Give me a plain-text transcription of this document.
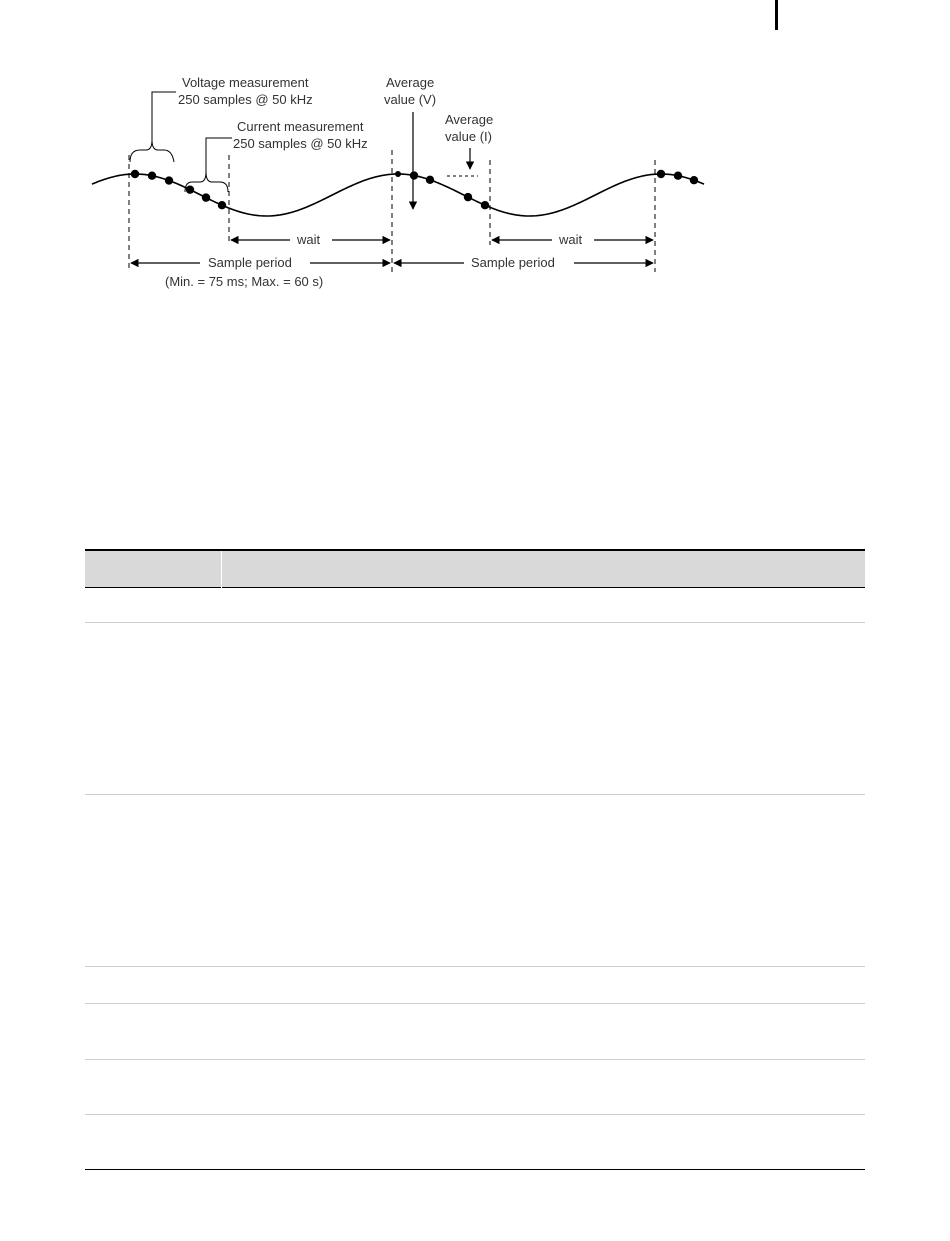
Voltage measurement
250 samples @ 50 kHz
Current measurement
250 samples @ 50 kHz
Average
value (V)
Average
value (I)
wait	wait
Sample period	Sample period
(Min. = 75 ms; Max. = 60 s)
